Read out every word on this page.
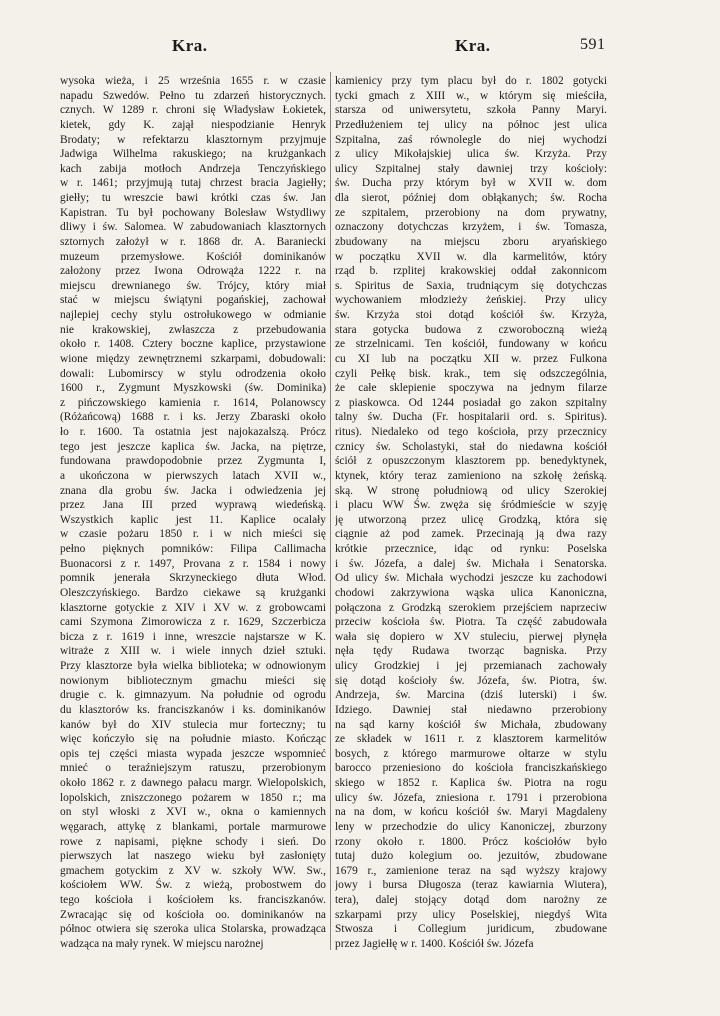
Kra.	Kra.	591
wysoka wieża, i 25 września 1655 r. w czasie
napadu Szwedów. Pełno tu zdarzeń historycznych.
cznych. W 1289 r. chroni się Władysław Łokietek,
kietek, gdy K. zajął niespodzianie Henryk
Brodaty; w refektarzu klasztornym przyjmuje
Jadwiga Wilhelma rakuskiego; na krużgankach
kach zabija motłoch Andrzeja Tenczyńskiego
w r. 1461; przyjmują tutaj chrzest bracia Jagiełły;
giełły; tu wreszcie bawi krótki czas św. Jan
Kapistran. Tu był pochowany Bolesław Wstydliwy
dliwy i św. Salomea. W zabudowaniach klasztornych
sztornych założył w r. 1868 dr. A. Baraniecki
muzeum przemysłowe. Kościół dominikanów
założony przez Iwona Odrowąża 1222 r. na
miejscu drewnianego św. Trójcy, który miał
stać w miejscu świątyni pogańskiej, zachował
najlepiej cechy stylu ostrołukowego w odmianie
nie krakowskiej, zwłaszcza z przebudowania
około r. 1408. Cztery boczne kaplice, przystawione
wione między zewnętrznemi szkarpami, dobudowali:
dowali: Lubomirscy w stylu odrodzenia około
1600 r., Zygmunt Myszkowski (św. Dominika)
z pińczowskiego kamienia r. 1614, Polanowscy
(Różańcową) 1688 r. i ks. Jerzy Zbaraski około
ło r. 1600. Ta ostatnia jest najokazalszą. Prócz
tego jest jeszcze kaplica św. Jacka, na piętrze,
fundowana prawdopodobnie przez Zygmunta I,
a ukończona w pierwszych latach XVII w.,
znana dla grobu św. Jacka i odwiedzenia jej
przez Jana III przed wyprawą wiedeńską.
Wszystkich kaplic jest 11. Kaplice ocalały
w czasie pożaru 1850 r. i w nich mieści się
pełno pięknych pomników: Filipa Callimacha
Buonacorsi z r. 1497, Provana z r. 1584 i nowy
pomnik jenerała Skrzyneckiego dłuta Włod.
Oleszczyńskiego. Bardzo ciekawe są krużganki
klasztorne gotyckie z XIV i XV w. z grobowcami
cami Szymona Zimorowicza z r. 1629, Szczerbicza
bicza z r. 1619 i inne, wreszcie najstarsze w K.
witraże z XIII w. i wiele innych dzieł sztuki.
Przy klasztorze była wielka biblioteka; w odnowionym
nowionym bibliotecznym gmachu mieści się
drugie c. k. gimnazyum. Na południe od ogrodu
du klasztorów ks. franciszkanów i ks. dominikanów
kanów był do XIV stulecia mur forteczny; tu
więc kończyło się na południe miasto. Kończąc
opis tej części miasta wypada jeszcze wspomnieć
mnieć o teraźniejszym ratuszu, przerobionym
około 1862 r. z dawnego pałacu margr. Wielopolskich,
lopolskich, zniszczonego pożarem w 1850 r.; ma
on styl włoski z XVI w., okna o kamiennych
węgarach, attykę z blankami, portale marmurowe
rowe z napisami, piękne schody i sień. Do
pierwszych lat naszego wieku był zasłonięty
gmachem gotyckim z XV w. szkoły WW. Sw.,
kościołem WW. Św. z wieżą, probostwem do
tego kościoła i kościołem ks. franciszkanów.
Zwracając się od kościoła oo. dominikanów na
północ otwiera się szeroka ulica Stolarska, prowadząca
wadząca na mały rynek. W miejscu narożnej
kamienicy przy tym placu był do r. 1802 gotycki
tycki gmach z XIII w., w którym się mieściła,
starsza od uniwersytetu, szkoła Panny Maryi.
Przedłużeniem tej ulicy na północ jest ulica
Szpitalna, zaś równolegle do niej wychodzi
z ulicy Mikołajskiej ulica św. Krzyża. Przy
ulicy Szpitalnej stały dawniej trzy kościoły:
św. Ducha przy którym był w XVII w. dom
dla sierot, później dom obłąkanych; św. Rocha
ze szpitalem, przerobiony na dom prywatny,
oznaczony dotychczas krzyżem, i św. Tomasza,
zbudowany na miejscu zboru aryańskiego
w początku XVII w. dla karmelitów, który
rząd b. rzplitej krakowskiej oddał zakonnicom
s. Spiritus de Saxia, trudniącym się dotychczas
wychowaniem młodzieży żeńskiej. Przy ulicy
św. Krzyża stoi dotąd kościół św. Krzyża,
stara gotycka budowa z czworoboczną wieżą
ze strzelnicami. Ten kościół, fundowany w końcu
cu XI lub na początku XII w. przez Fulkona
czyli Pełkę bisk. krak., tem się odszczególnia,
że całe sklepienie spoczywa na jednym filarze
z piaskowca. Od 1244 posiadał go zakon szpitalny
talny św. Ducha (Fr. hospitalarii ord. s. Spiritus).
ritus). Niedaleko od tego kościoła, przy przecznicy
cznicy św. Scholastyki, stał do niedawna kościół
ściół z opuszczonym klasztorem pp. benedyktynek,
ktynek, który teraz zamieniono na szkołę żeńską.
ską. W stronę południową od ulicy Szerokiej
i placu WW Św. zwęża się śródmieście w szyję
ję utworzoną przez ulicę Grodzką, która się
ciągnie aż pod zamek. Przecinają ją dwa razy
krótkie przecznice, idąc od rynku: Poselska
i św. Józefa, a dalej św. Michała i Senatorska.
Od ulicy św. Michała wychodzi jeszcze ku zachodowi
chodowi zakrzywiona wąska ulica Kanoniczna,
połączona z Grodzką szerokiem przejściem naprzeciw
przeciw kościoła św. Piotra. Ta część zabudowała
wała się dopiero w XV stuleciu, pierwej płynęła
nęła tędy Rudawa tworząc bagniska. Przy
ulicy Grodzkiej i jej przemianach zachowały
się dotąd kościoły św. Józefa, św. Piotra, św.
Andrzeja, św. Marcina (dziś luterski) i św.
Idziego. Dawniej stał niedawno przerobiony
na sąd karny kościół św Michała, zbudowany
ze składek w 1611 r. z klasztorem karmelitów
bosych, z którego marmurowe ołtarze w stylu
barocco przeniesiono do kościoła franciszkańskiego
skiego w 1852 r. Kaplica św. Piotra na rogu
ulicy św. Józefa, zniesiona r. 1791 i przerobiona
na na dom, w końcu kościół św. Maryi Magdaleny
leny w przechodzie do ulicy Kanoniczej, zburzony
rzony około r. 1800. Prócz kościołów było
tutaj dużo kolegium oo. jezuitów, zbudowane
1679 r., zamienione teraz na sąd wyższy krajowy
jowy i bursa Długosza (teraz kawiarnia Wiutera),
tera), dalej stojący dotąd dom narożny ze
szkarpami przy ulicy Poselskiej, niegdyś Wita
Stwosza i Collegium juridicum, zbudowane
przez Jagiełłę w r. 1400. Kościół św. Józefa
